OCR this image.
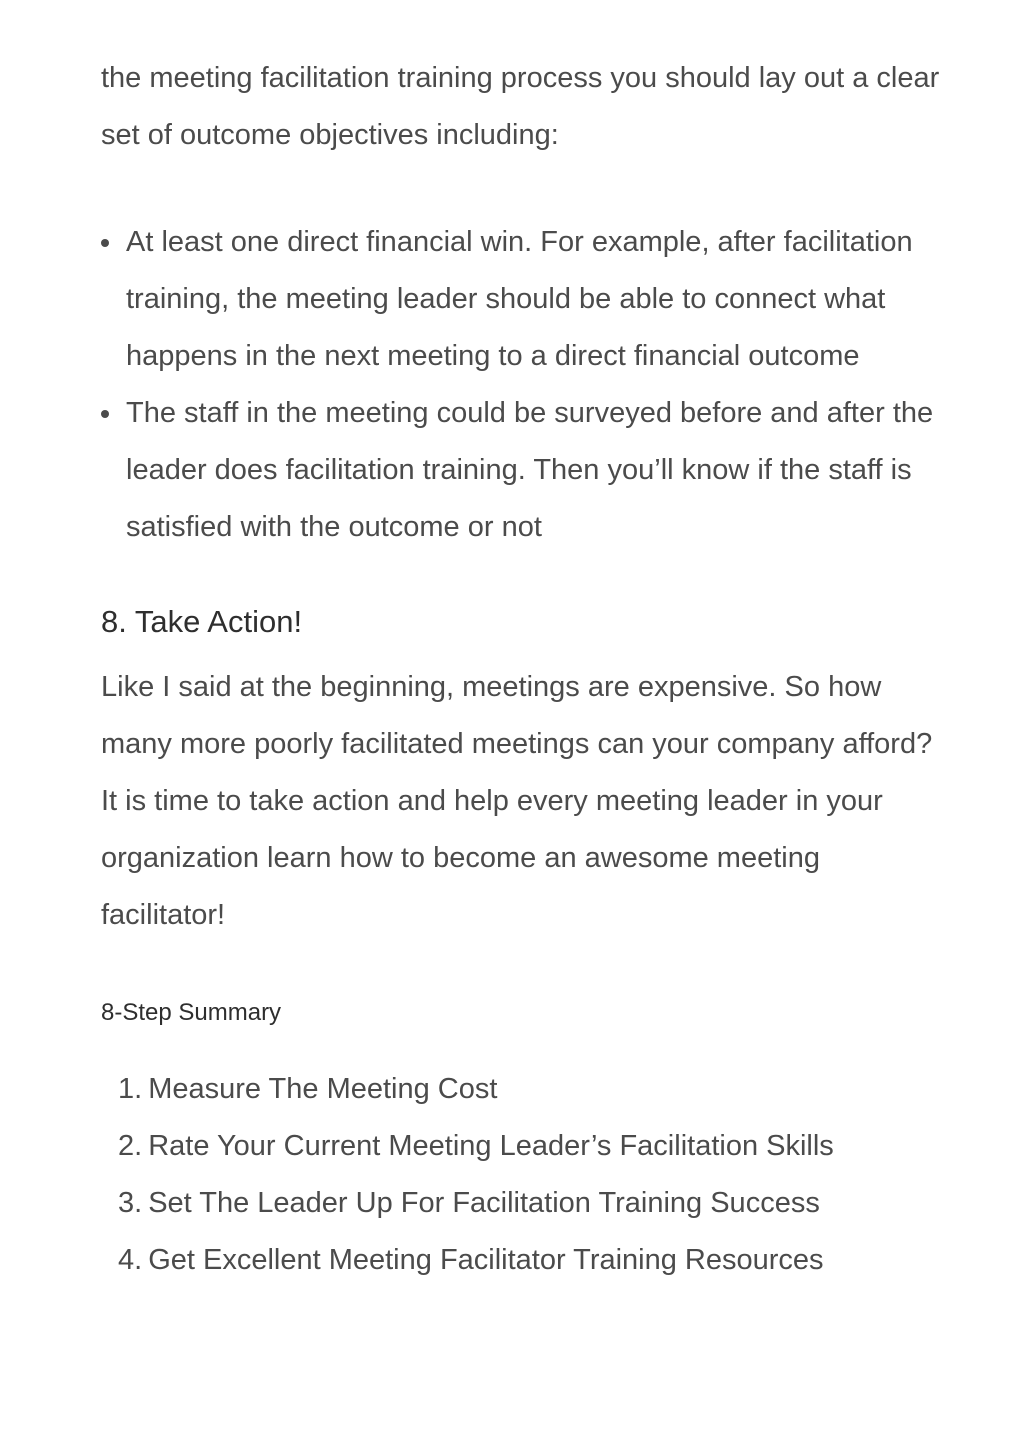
the meeting facilitation training process you should lay out a clear set of outcome objectives including:

At least one direct financial win. For example, after facilitation training, the meeting leader should be able to connect what happens in the next meeting to a direct financial outcome
The staff in the meeting could be surveyed before and after the leader does facilitation training. Then you’ll know if the staff is satisfied with the outcome or not
8. Take Action!

Like I said at the beginning, meetings are expensive. So how many more poorly facilitated meetings can your company afford? It is time to take action and help every meeting leader in your organization learn how to become an awesome meeting facilitator!

8-Step Summary
1. Measure The Meeting Cost
2. Rate Your Current Meeting Leader’s Facilitation Skills
3. Set The Leader Up For Facilitation Training Success
4. Get Excellent Meeting Facilitator Training Resources
